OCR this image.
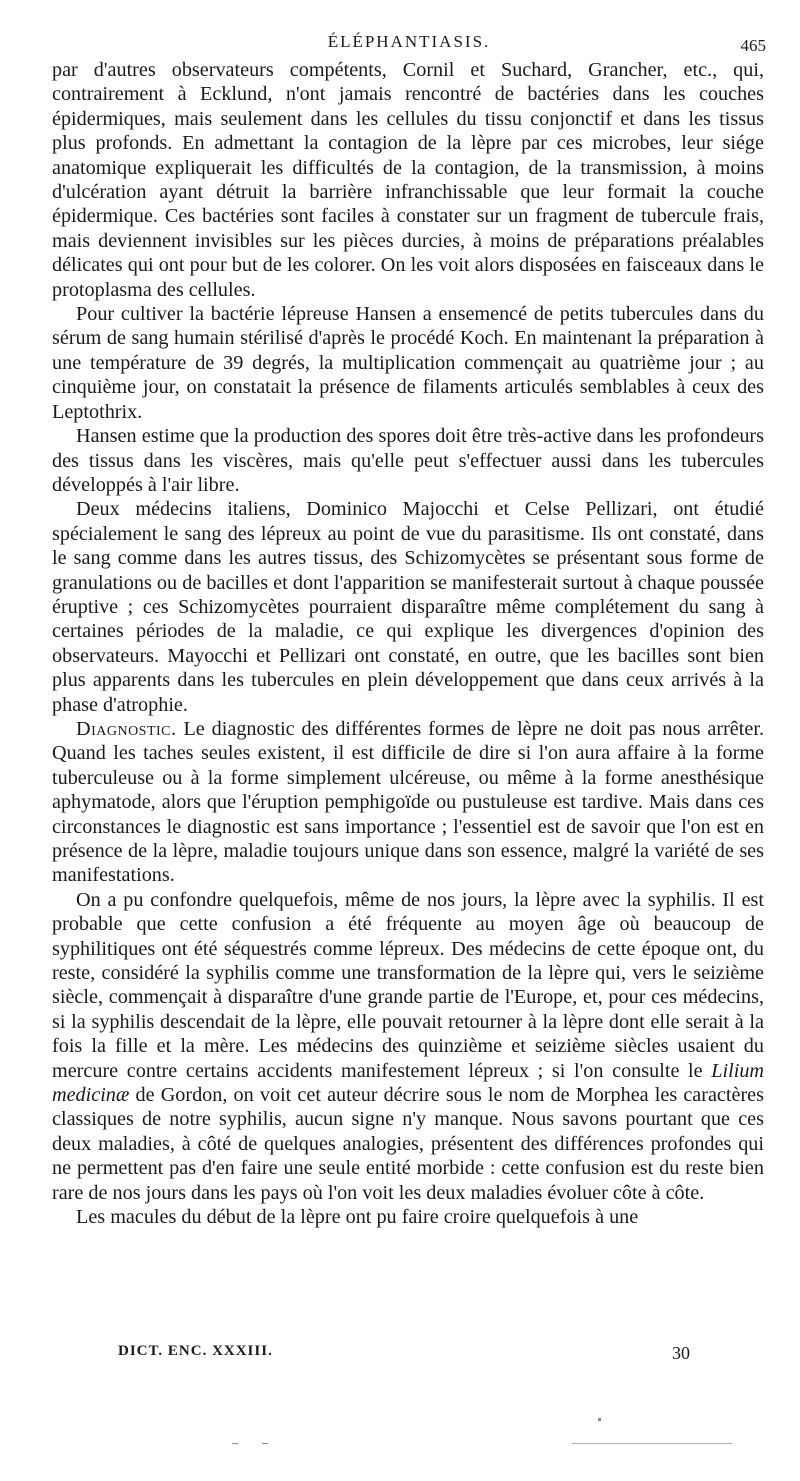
ÉLÉPHANTIASIS.	465

par d'autres observateurs compétents, Cornil et Suchard, Grancher, etc., qui, contrairement à Ecklund, n'ont jamais rencontré de bactéries dans les couches épidermiques, mais seulement dans les cellules du tissu conjonctif et dans les tissus plus profonds. En admettant la contagion de la lèpre par ces microbes, leur siége anatomique expliquerait les difficultés de la contagion, de la transmission, à moins d'ulcération ayant détruit la barrière infranchissable que leur formait la couche épidermique. Ces bactéries sont faciles à constater sur un fragment de tubercule frais, mais deviennent invisibles sur les pièces durcies, à moins de préparations préalables délicates qui ont pour but de les colorer. On les voit alors disposées en faisceaux dans le protoplasma des cellules.

Pour cultiver la bactérie lépreuse Hansen a ensemencé de petits tubercules dans du sérum de sang humain stérilisé d'après le procédé Koch. En maintenant la préparation à une température de 39 degrés, la multiplication commençait au quatrième jour ; au cinquième jour, on constatait la présence de filaments articulés semblables à ceux des Leptothrix.

Hansen estime que la production des spores doit être très-active dans les profondeurs des tissus dans les viscères, mais qu'elle peut s'effectuer aussi dans les tubercules développés à l'air libre.

Deux médecins italiens, Dominico Majocchi et Celse Pellizari, ont étudié spécialement le sang des lépreux au point de vue du parasitisme. Ils ont constaté, dans le sang comme dans les autres tissus, des Schizomycètes se présentant sous forme de granulations ou de bacilles et dont l'apparition se manifesterait surtout à chaque poussée éruptive ; ces Schizomycètes pourraient disparaître même complétement du sang à certaines périodes de la maladie, ce qui explique les divergences d'opinion des observateurs. Mayocchi et Pellizari ont constaté, en outre, que les bacilles sont bien plus apparents dans les tubercules en plein développement que dans ceux arrivés à la phase d'atrophie.

Diagnostic. Le diagnostic des différentes formes de lèpre ne doit pas nous arrêter. Quand les taches seules existent, il est difficile de dire si l'on aura affaire à la forme tuberculeuse ou à la forme simplement ulcéreuse, ou même à la forme anesthésique aphymatode, alors que l'éruption pemphigoïde ou pustuleuse est tardive. Mais dans ces circonstances le diagnostic est sans importance ; l'essentiel est de savoir que l'on est en présence de la lèpre, maladie toujours unique dans son essence, malgré la variété de ses manifestations.

On a pu confondre quelquefois, même de nos jours, la lèpre avec la syphilis. Il est probable que cette confusion a été fréquente au moyen âge où beaucoup de syphilitiques ont été séquestrés comme lépreux. Des médecins de cette époque ont, du reste, considéré la syphilis comme une transformation de la lèpre qui, vers le seizième siècle, commençait à disparaître d'une grande partie de l'Europe, et, pour ces médecins, si la syphilis descendait de la lèpre, elle pouvait retourner à la lèpre dont elle serait à la fois la fille et la mère. Les médecins des quinzième et seizième siècles usaient du mercure contre certains accidents manifestement lépreux ; si l'on consulte le Lilium medicinæ de Gordon, on voit cet auteur décrire sous le nom de Morphea les caractères classiques de notre syphilis, aucun signe n'y manque. Nous savons pourtant que ces deux maladies, à côté de quelques analogies, présentent des différences profondes qui ne permettent pas d'en faire une seule entité morbide : cette confusion est du reste bien rare de nos jours dans les pays où l'on voit les deux maladies évoluer côte à côte.

Les macules du début de la lèpre ont pu faire croire quelquefois à une

DICT. ENC. XXXIII.	30
